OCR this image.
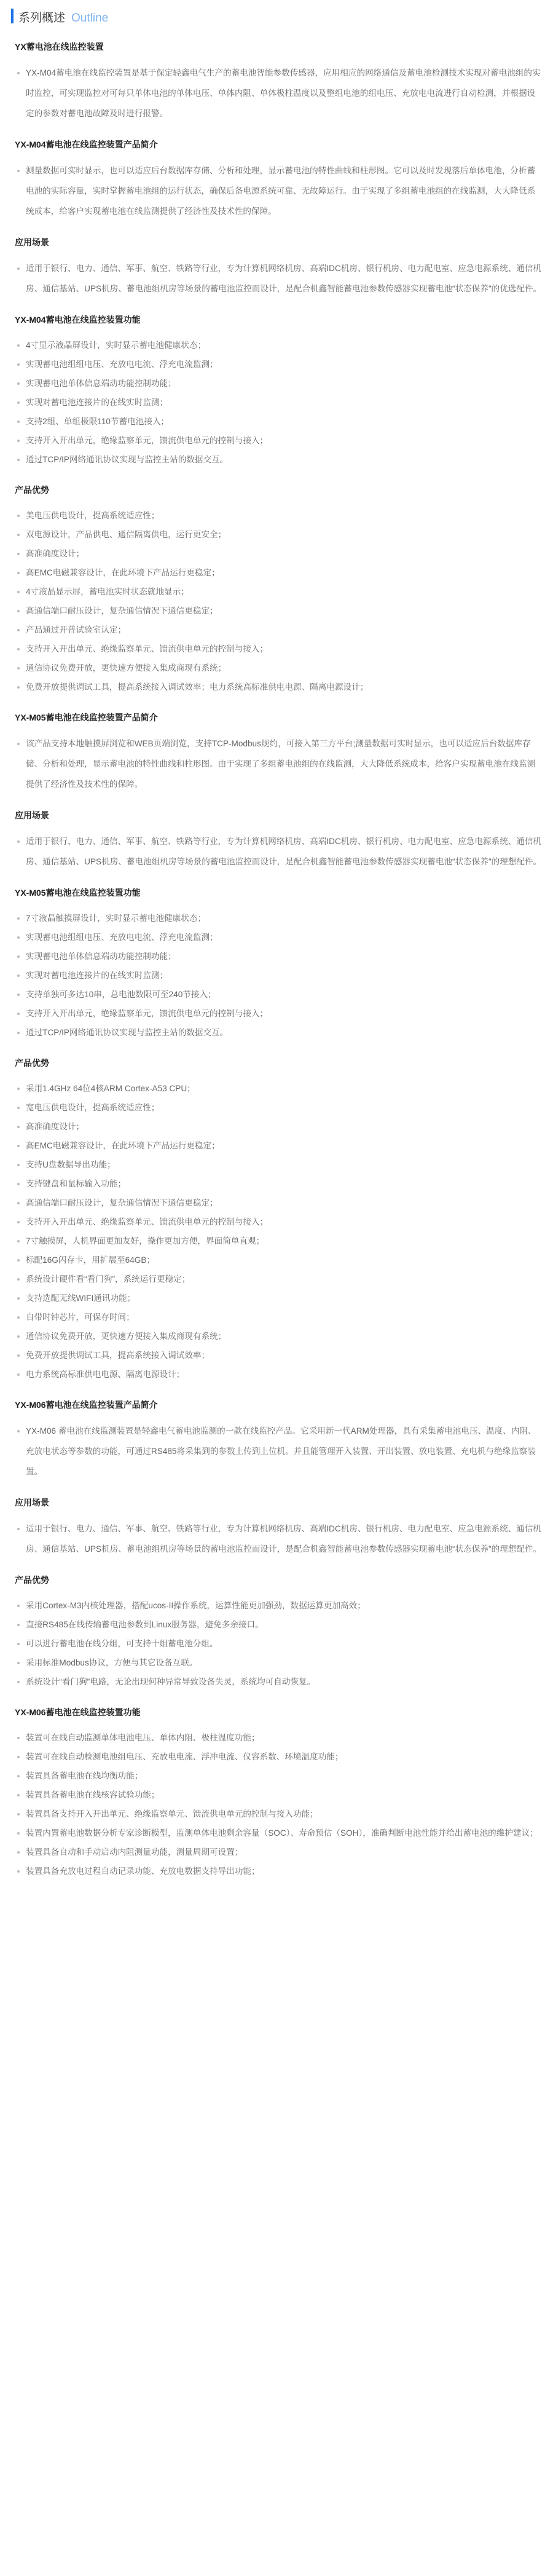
系列概述 Outline
YX蓄电池在线监控装置
YX-M04蓄电池在线监控装置是基于保定轻鑫电气生产的蓄电池智能参数传感器，应用相应的网络通信及蓄电池检测技术实现对蓄电池组的实时监控，可实现监控对可每只单体电池的单体电压、单体内阻、单体极柱温度以及整组电池的组电压、充放电电流进行自动检测，并根据设定的参数对蓄电池故障及时进行报警。
YX-M04蓄电池在线监控装置产品简介
测量数据可实时显示，也可以适应后台数据库存储、分析和处理，显示蓄电池的特性曲线和柱形图。它可以及时发现落后单体电池，分析蓄电池的实际容量，实时掌握蓄电池组的运行状态，确保后备电源系统可靠、无故障运行。由于实现了多组蓄电池组的在线监测，大大降低系统成本，给客户实现蓄电池在线监测提供了经济性及技术性的保障。
应用场景
适用于银行、电力、通信、军事、航空、铁路等行业，专为计算机网络机房、高端IDC机房、银行机房、电力配电室、应急电源系统、通信机房、通信基站、UPS机房、蓄电池组机房等场景的蓄电池监控而设计，是配合机鑫智能蓄电池参数传感器实现蓄电池“状态保养”的优选配件。
YX-M04蓄电池在线监控装置功能
4寸显示液晶屏设计，实时显示蓄电池健康状态；
实现蓄电池组组电压、充放电电流、浮充电流监测；
实现蓄电池单体信息端动功能控制功能；
实现对蓄电池连接片的在线实时监测；
支持2组、单组极限110节蓄电池接入；
支持开入开出单元，绝缘监察单元，馈流供电单元的控制与接入；
通过TCP/IP网络通讯协议实现与监控主站的数据交互。
产品优势
美电压供电设计，提高系统适应性；
双电源设计，产品供电、通信隔离供电，运行更安全；
高准确度设计；
高EMC电磁兼容设计，在此环境下产品运行更稳定；
4寸液晶显示屏，蓄电池实时状态就地显示；
高通信端口耐压设计，复杂通信情况下通信更稳定；
产品通过开普试验室认定；
支持开入开出单元、绝缘监察单元、馈流供电单元的控制与接入；
通信协议免费开放，更快速方便接入集成商现有系统；
免费开放提供调试工具，提高系统接入调试效率；电力系统高标准供电电源、隔离电源设计；
YX-M05蓄电池在线监控装置产品简介
该产品支持本地触摸屏浏览和WEB页端浏览，支持TCP-Modbus规约，可接入第三方平台;测量数据可实时显示，也可以适应后台数据库存储、分析和处理，显示蓄电池的特性曲线和柱形图。由于实现了多组蓄电池组的在线监测，大大降低系统成本，给客户实现蓄电池在线监测提供了经济性及技术性的保障。
应用场景
适用于银行、电力、通信、军事、航空、铁路等行业，专为计算机网络机房、高端IDC机房、银行机房、电力配电室、应急电源系统、通信机房、通信基站、UPS机房、蓄电池组机房等场景的蓄电池监控而设计，是配合机鑫智能蓄电池参数传感器实现蓄电池“状态保养”的理想配件。
YX-M05蓄电池在线监控装置功能
7寸液晶触摸屏设计，实时显示蓄电池健康状态；
实现蓄电池组组电压、充放电电流、浮充电流监测；
实现蓄电池单体信息端动功能控制功能；
实现对蓄电池连接片的在线实时监测；
支持单独可多达10串，总电池数限可至240节接入；
支持开入开出单元，绝缘监察单元，馈流供电单元的控制与接入；
通过TCP/IP网络通讯协议实现与监控主站的数据交互。
产品优势
采用1.4GHz 64位4核ARM Cortex-A53 CPU；
宽电压供电设计，提高系统适应性；
高准确度设计；
高EMC电磁兼容设计，在此环境下产品运行更稳定；
支持U盘数据导出功能；
支持键盘和鼠标输入功能；
高通信端口耐压设计，复杂通信情况下通信更稳定；
支持开入开出单元、绝缘监察单元、馈流供电单元的控制与接入；
7寸触摸屏，人机界面更加友好，操作更加方便，界面简单直观；
标配16G闪存卡，用扩展至64GB；
系统设计硬件看“看门狗”，系统运行更稳定；
支持选配无线WIFI通讯功能；
自带时钟芯片，可保存时间；
通信协议免费开放，更快速方便接入集成商现有系统；
免费开放提供调试工具，提高系统接入调试效率；
电力系统高标准供电电源、隔离电源设计；
YX-M06蓄电池在线监控装置产品简介
YX-M06 蓄电池在线监测装置是轻鑫电气蓄电池监测的一款在线监控产品。它采用新一代ARM处理器，具有采集蓄电池电压、温度、内阻、充放电状态等参数的功能，可通过RS485将采集到的参数上传到上位机。并且能管理开入装置、开出装置、放电装置、充电机与绝缘监察装置。
应用场景
适用于银行、电力、通信、军事、航空、铁路等行业，专为计算机网络机房、高端IDC机房、银行机房、电力配电室、应急电源系统、通信机房、通信基站、UPS机房、蓄电池组机房等场景的蓄电池监控而设计，是配合机鑫智能蓄电池参数传感器实现蓄电池“状态保养”的理想配件。
产品优势
采用Cortex-M3内核处理器，搭配ucos-II操作系统，运算性能更加强劲，数据运算更加高效；
直接RS485在线传输蓄电池参数到Linux服务器，避免多余接口。
可以进行蓄电池在线分组，可支持十组蓄电池分组。
采用标准Modbus协议，方便与其它设备互联。
系统设计“看门狗”电路，无论出现何种异常导致设备失灵，系统均可自动恢复。
YX-M06蓄电池在线监控装置功能
装置可在线自动监测单体电池电压、单体内阻、极柱温度功能；
装置可在线自动检测电池组电压、充放电电流、浮冲电流、仪容系数、环境温度功能；
装置具备蓄电池在线均衡功能；
装置具备蓄电池在线核容试验功能；
装置具备支持开入开出单元、绝缘监察单元、馈流供电单元的控制与接入功能；
装置内置蓄电池数据分析专家诊断模型，监测单体电池剩余容量（SOC）、寿命预估（SOH），准确判断电池性能并给出蓄电池的维护建议；
装置具备自动和手动启动内阻测量功能，测量周期可设置；
装置具备充放电过程自动记录功能、充放电数据支持导出功能；
